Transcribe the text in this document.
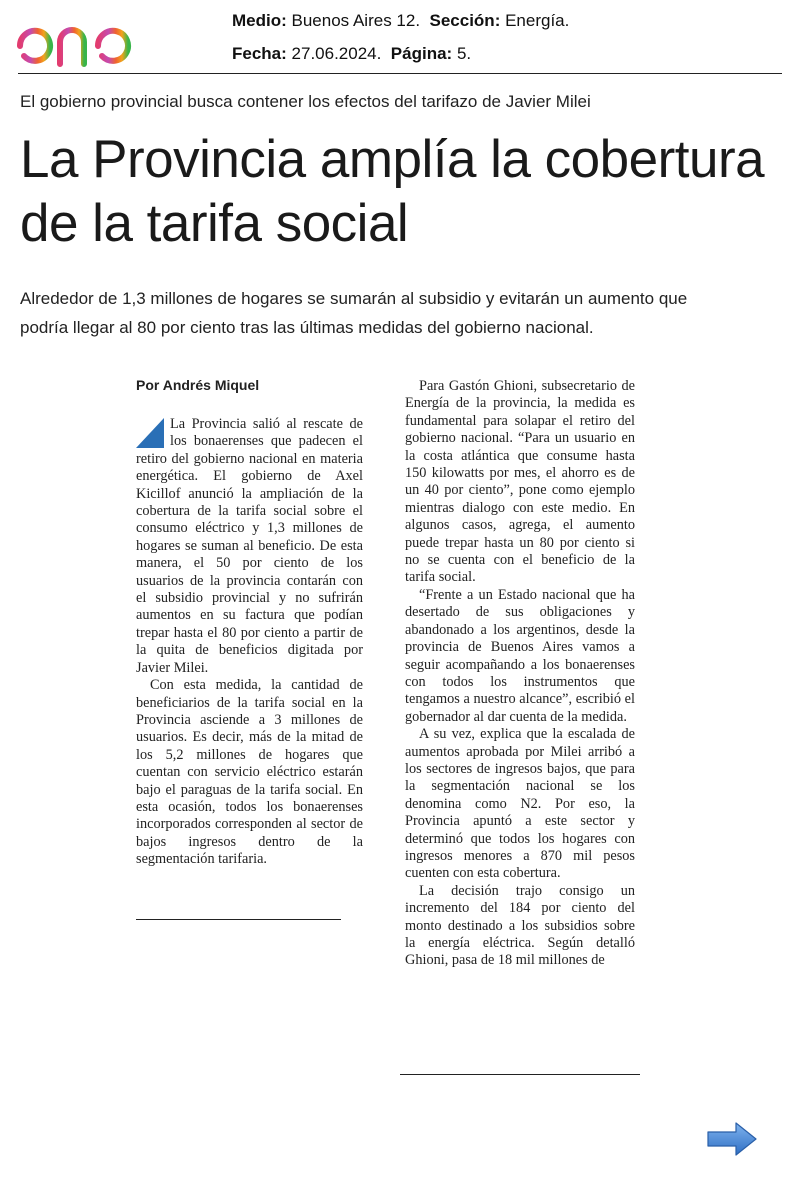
Medio: Buenos Aires 12. Sección: Energía.
Fecha: 27.06.2024. Página: 5.
El gobierno provincial busca contener los efectos del tarifazo de Javier Milei
La Provincia amplía la cobertura de la tarifa social
Alrededor de 1,3 millones de hogares se sumarán al subsidio y evitarán un aumento que podría llegar al 80 por ciento tras las últimas medidas del gobierno nacional.
Por Andrés Miquel

La Provincia salió al rescate de los bonaerenses que padecen el retiro del gobierno nacional en materia energética. El gobierno de Axel Kicillof anunció la ampliación de la cobertura de la tarifa social sobre el consumo eléctrico y 1,3 millones de hogares se suman al beneficio. De esta manera, el 50 por ciento de los usuarios de la provincia contarán con el subsidio provincial y no sufrirán aumentos en su factura que podían trepar hasta el 80 por ciento a partir de la quita de beneficios digitada por Javier Milei.

Con esta medida, la cantidad de beneficiarios de la tarifa social en la Provincia asciende a 3 millones de usuarios. Es decir, más de la mitad de los 5,2 millones de hogares que cuentan con servicio eléctrico estarán bajo el paraguas de la tarifa social. En esta ocasión, todos los bonaerenses incorporados corresponden al sector de bajos ingresos dentro de la segmentación tarifaria.

Para Gastón Ghioni, subsecretario de Energía de la provincia, la medida es fundamental para solapar el retiro del gobierno nacional. “Para un usuario en la costa atlántica que consume hasta 150 kilowatts por mes, el ahorro es de un 40 por ciento”, pone como ejemplo mientras dialogo con este medio. En algunos casos, agrega, el aumento puede trepar hasta un 80 por ciento si no se cuenta con el beneficio de la tarifa social.

“Frente a un Estado nacional que ha desertado de sus obligaciones y abandonado a los argentinos, desde la provincia de Buenos Aires vamos a seguir acompañando a los bonaerenses con todos los instrumentos que tengamos a nuestro alcance”, escribió el gobernador al dar cuenta de la medida.

A su vez, explica que la escalada de aumentos aprobada por Milei arribó a los sectores de ingresos bajos, que para la segmentación nacional se los denomina como N2. Por eso, la Provincia apuntó a este sector y determinó que todos los hogares con ingresos menores a 870 mil pesos cuenten con esta cobertura.

La decisión trajo consigo un incremento del 184 por ciento del monto destinado a los subsidios sobre la energía eléctrica. Según detalló Ghioni, pasa de 18 mil millones de
